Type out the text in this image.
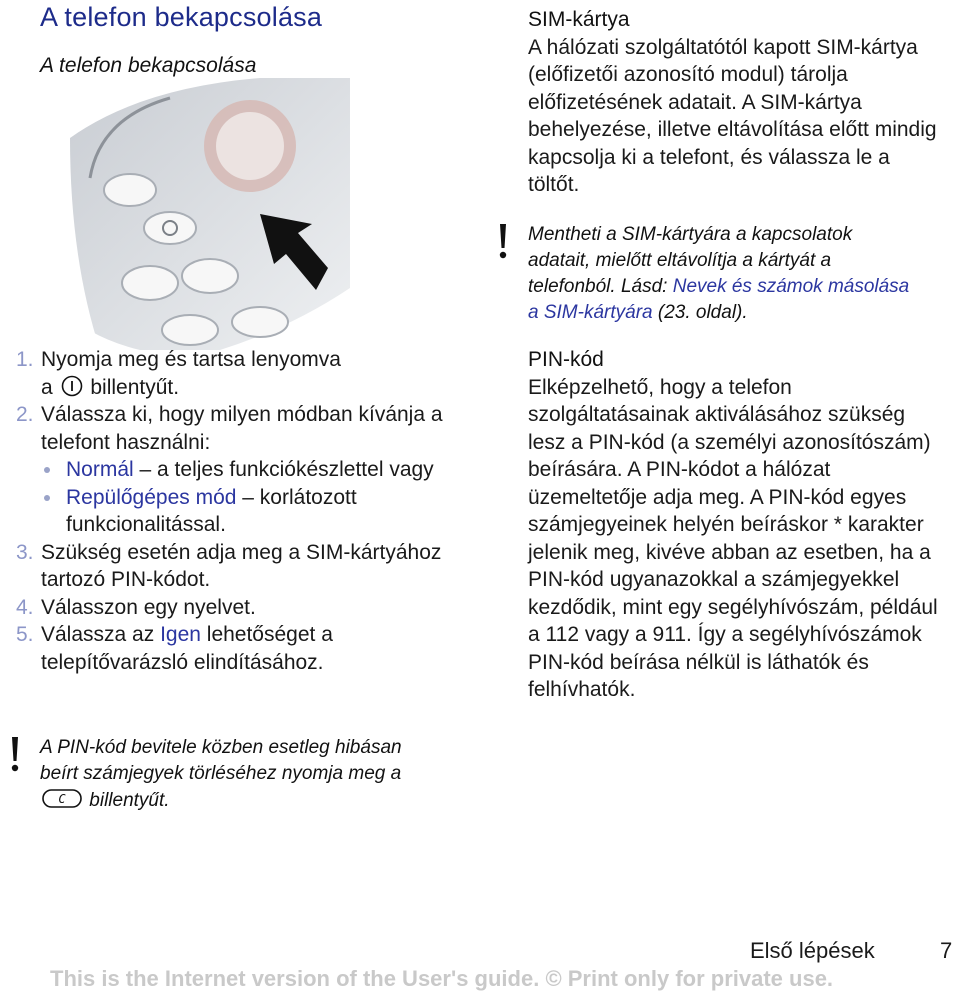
A telefon bekapcsolása
A telefon bekapcsolása
1. Nyomja meg és tartsa lenyomva
a billentyűt.
2. Válassza ki, hogy milyen módban kívánja a telefont használni:
Normál – a teljes funkciókészlettel vagy
Repülőgépes mód – korlátozott funkcionalitással.
3. Szükség esetén adja meg a SIM-kártyához tartozó PIN-kódot.
4. Válasszon egy nyelvet.
5. Válassza az Igen lehetőséget a telepítővarázsló elindításához.
A PIN-kód bevitele közben esetleg hibásan beírt számjegyek törléséhez nyomja meg a
C billentyűt.
SIM-kártya
A hálózati szolgáltatótól kapott SIM-kártya (előfizetői azonosító modul) tárolja előfizetésének adatait. A SIM-kártya behelyezése, illetve eltávolítása előtt mindig kapcsolja ki a telefont, és válassza le a töltőt.
Mentheti a SIM-kártyára a kapcsolatok adatait, mielőtt eltávolítja a kártyát a telefonból. Lásd: Nevek és számok másolása a SIM-kártyára (23. oldal).
PIN-kód
Elképzelhető, hogy a telefon szolgáltatásainak aktiválásához szükség lesz a PIN-kód (a személyi azonosítószám) beírására. A PIN-kódot a hálózat üzemeltetője adja meg. A PIN-kód egyes számjegyeinek helyén beíráskor * karakter jelenik meg, kivéve abban az esetben, ha a PIN-kód ugyanazokkal a számjegyekkel kezdődik, mint egy segélyhívószám, például a 112 vagy a 911. Így a segélyhívószámok PIN-kód beírása nélkül is láthatók és felhívhatók.
Első lépések	7
This is the Internet version of the User's guide. © Print only for private use.
